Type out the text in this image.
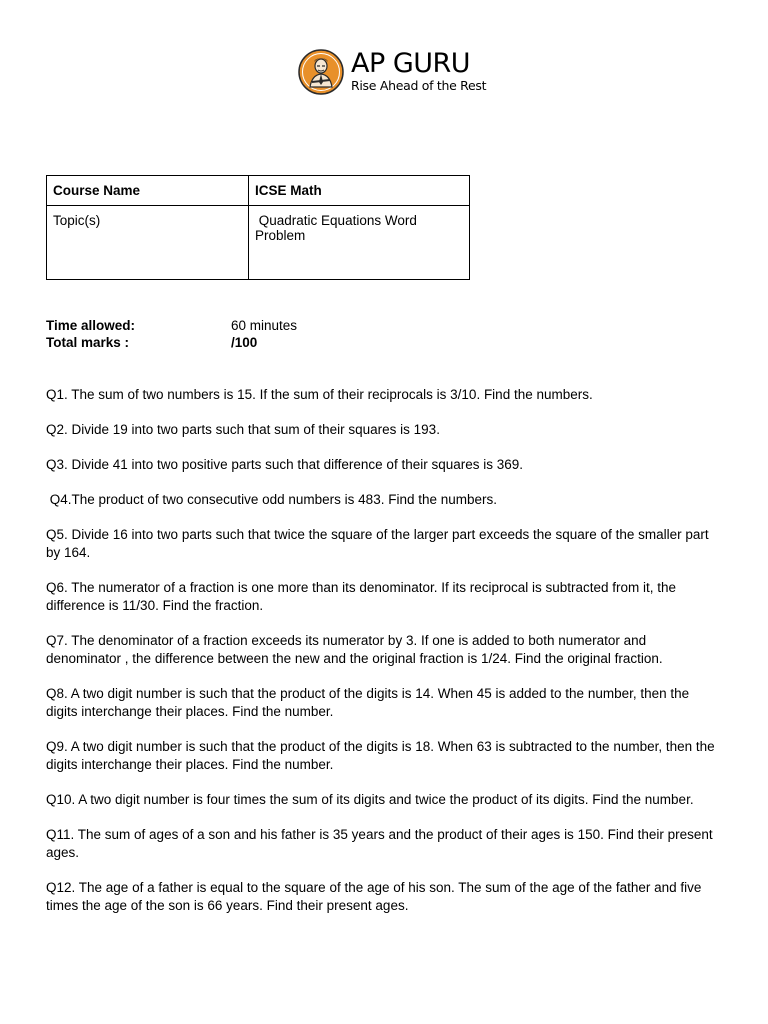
AP GURU
Rise Ahead of the Rest
Course Name	ICSE Math
Topic(s)	Quadratic Equations Word Problem
Time allowed:	60 minutes
Total marks :	/100

Q1. The sum of two numbers is 15. If the sum of their reciprocals is 3/10. Find the numbers.

Q2. Divide 19 into two parts such that sum of their squares is 193.

Q3. Divide 41 into two positive parts such that difference of their squares is 369.

Q4.The product of two consecutive odd numbers is 483. Find the numbers.

Q5. Divide 16 into two parts such that twice the square of the larger part exceeds the square of the smaller part by 164.

Q6. The numerator of a fraction is one more than its denominator. If its reciprocal is subtracted from it, the difference is 11/30. Find the fraction.

Q7. The denominator of a fraction exceeds its numerator by 3. If one is added to both numerator and denominator , the difference between the new and the original fraction is 1/24. Find the original fraction.

Q8. A two digit number is such that the product of the digits is 14. When 45 is added to the number, then the digits interchange their places. Find the number.

Q9. A two digit number is such that the product of the digits is 18. When 63 is subtracted to the number, then the digits interchange their places. Find the number.

Q10. A two digit number is four times the sum of its digits and twice the product of its digits. Find the number.

Q11. The sum of ages of a son and his father is 35 years and the product of their ages is 150. Find their present ages.

Q12. The age of a father is equal to the square of the age of his son. The sum of the age of the father and five times the age of the son is 66 years. Find their present ages.
